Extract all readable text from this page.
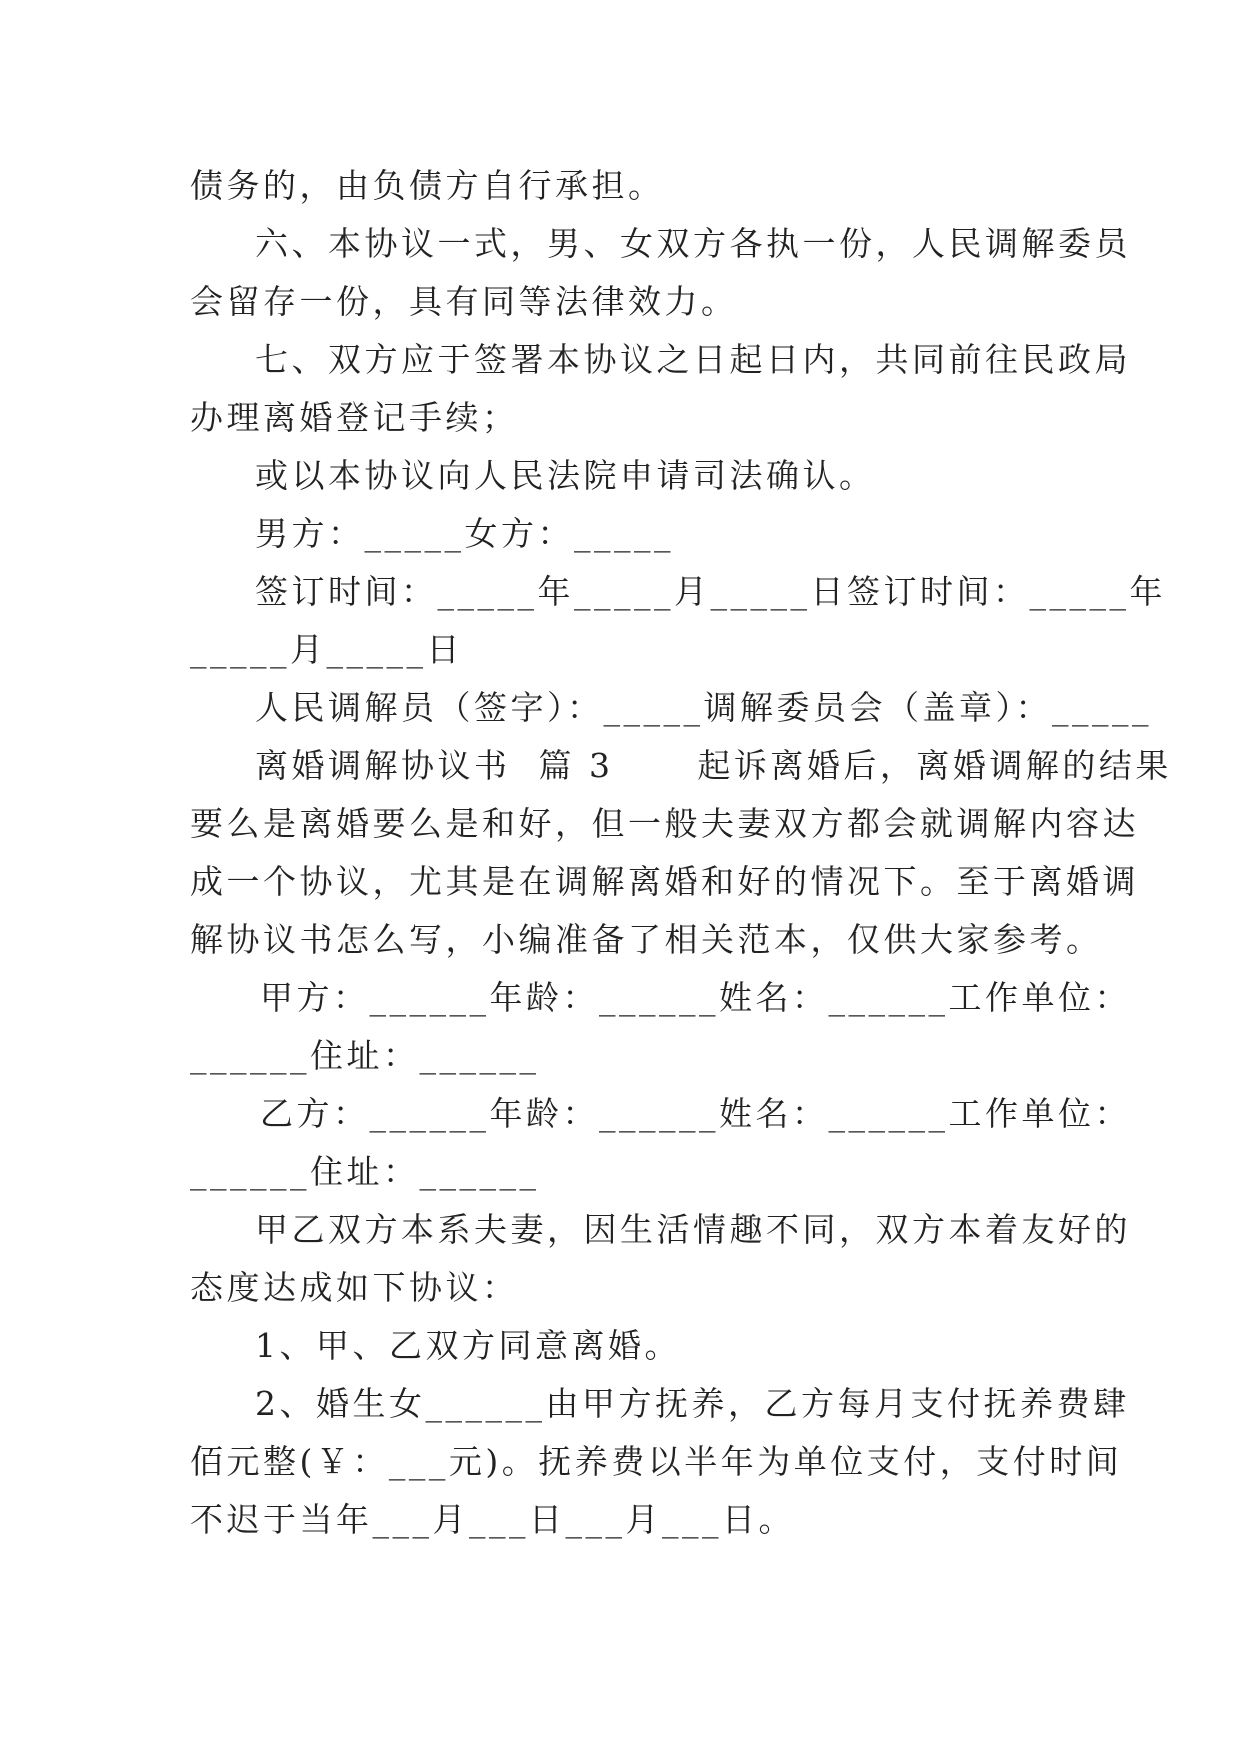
债务的，由负债方自行承担。
六、本协议一式，男、女双方各执一份，人民调解委员
会留存一份，具有同等法律效力。
七、双方应于签署本协议之日起日内，共同前往民政局
办理离婚登记手续；
或以本协议向人民法院申请司法确认。
男方：_____女方：_____
签订时间：_____年_____月_____日签订时间：_____年
_____月_____日
人民调解员（签字）：_____调解委员会（盖章）：_____
离婚调解协议书  篇 3      起诉离婚后，离婚调解的结果
要么是离婚要么是和好，但一般夫妻双方都会就调解内容达
成一个协议，尤其是在调解离婚和好的情况下。至于离婚调
解协议书怎么写，小编准备了相关范本，仅供大家参考。
甲方：______年龄：______姓名：______工作单位：
______住址：______
乙方：______年龄：______姓名：______工作单位：
______住址：______
甲乙双方本系夫妻，因生活情趣不同，双方本着友好的
态度达成如下协议：
1、甲、乙双方同意离婚。
2、婚生女______由甲方抚养，乙方每月支付抚养费肆
佰元整(￥：___元)。抚养费以半年为单位支付，支付时间
不迟于当年___月___日___月___日。
